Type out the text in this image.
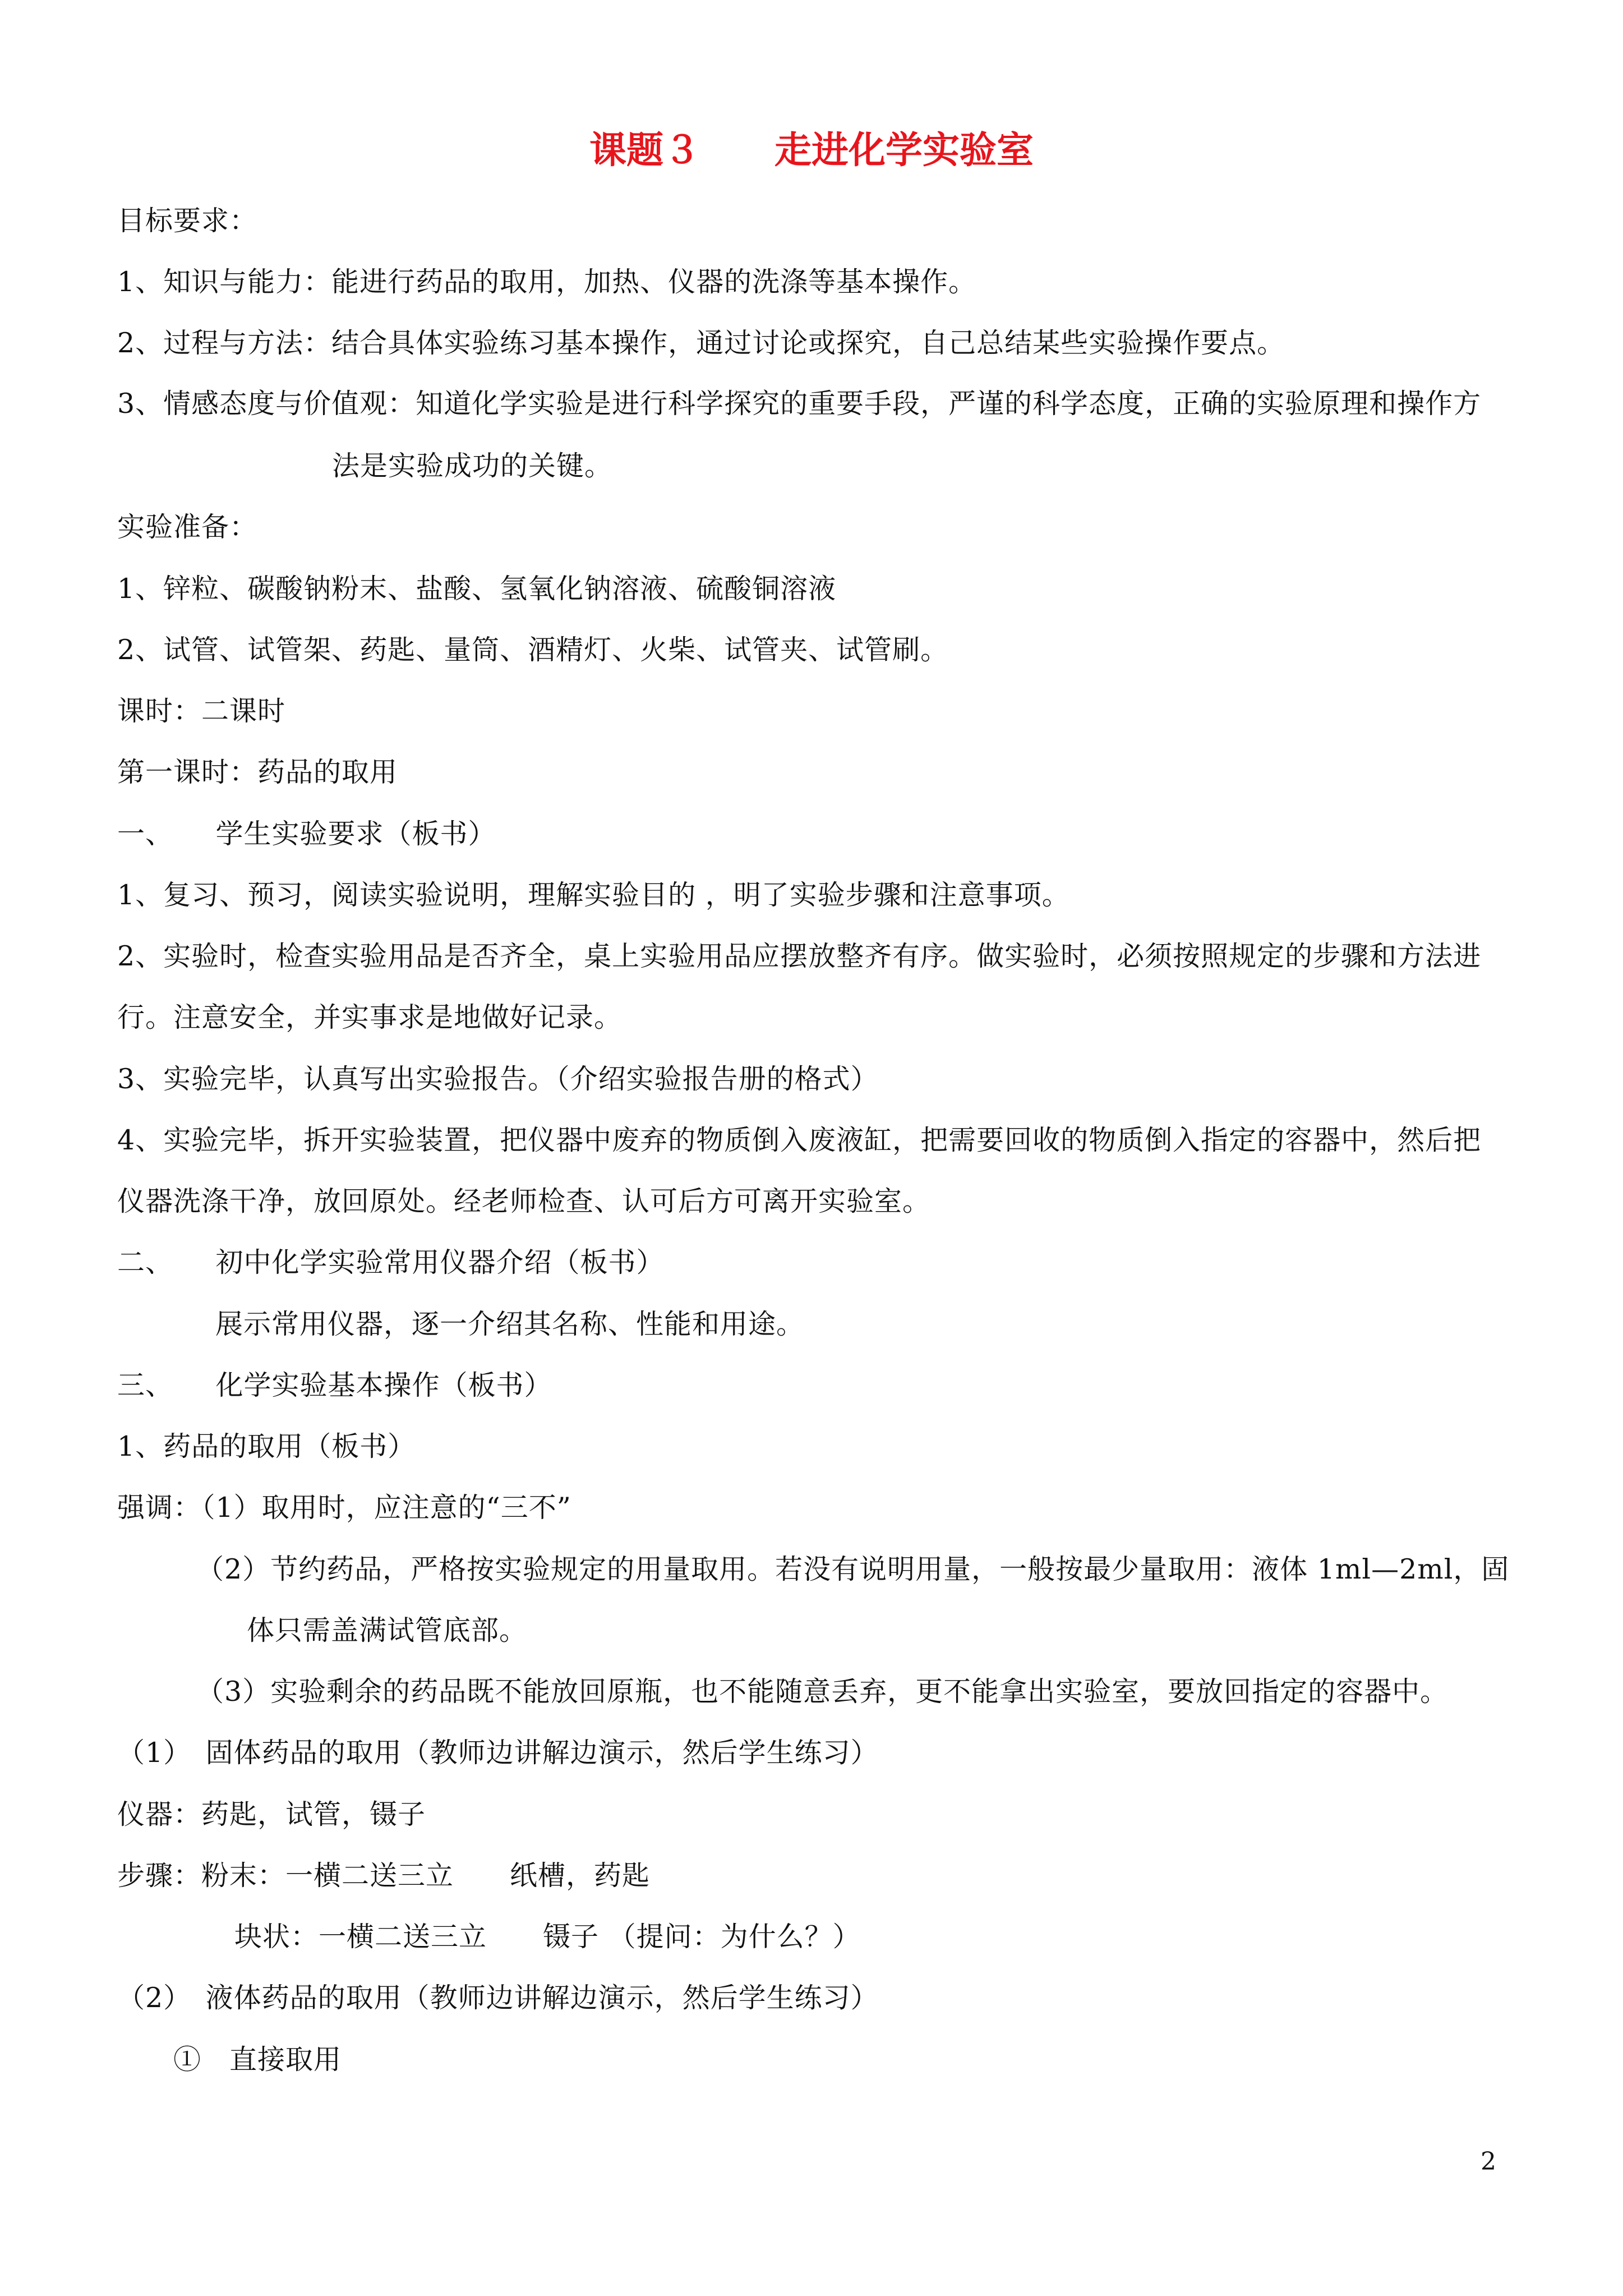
课题３　　走进化学实验室
目标要求：
1、知识与能力：能进行药品的取用，加热、仪器的洗涤等基本操作。
2、过程与方法：结合具体实验练习基本操作，通过讨论或探究，自己总结某些实验操作要点。
3、情感态度与价值观：知道化学实验是进行科学探究的重要手段，严谨的科学态度，正确的实验原理和操作方
法是实验成功的关键。
实验准备：
1、锌粒、碳酸钠粉末、盐酸、氢氧化钠溶液、硫酸铜溶液
2、试管、试管架、药匙、量筒、酒精灯、火柴、试管夹、试管刷。
课时：二课时
第一课时：药品的取用
一、　　学生实验要求（板书）
1、复习、预习，阅读实验说明，理解实验目的 ，明了实验步骤和注意事项。
2、实验时，检查实验用品是否齐全，桌上实验用品应摆放整齐有序。做实验时，必须按照规定的步骤和方法进
行。注意安全，并实事求是地做好记录。
3、实验完毕，认真写出实验报告。（介绍实验报告册的格式）
4、实验完毕，拆开实验装置，把仪器中废弃的物质倒入废液缸，把需要回收的物质倒入指定的容器中，然后把
仪器洗涤干净，放回原处。经老师检查、认可后方可离开实验室。
二、　　初中化学实验常用仪器介绍（板书）
展示常用仪器，逐一介绍其名称、性能和用途。
三、　　化学实验基本操作（板书）
1、药品的取用（板书）
强调：（1）取用时，应注意的“三不”
（2）节约药品，严格按实验规定的用量取用。若没有说明用量，一般按最少量取用：液体 1ml—2ml，固
体只需盖满试管底部。
（3）实验剩余的药品既不能放回原瓶，也不能随意丢弃，更不能拿出实验室，要放回指定的容器中。
（1）　固体药品的取用（教师边讲解边演示，然后学生练习）
仪器：药匙，试管，镊子
步骤：粉末：一横二送三立　　纸槽，药匙
块状：一横二送三立　　镊子 （提问：为什么？）
（2）　液体药品的取用（教师边讲解边演示，然后学生练习）
①　直接取用
2
